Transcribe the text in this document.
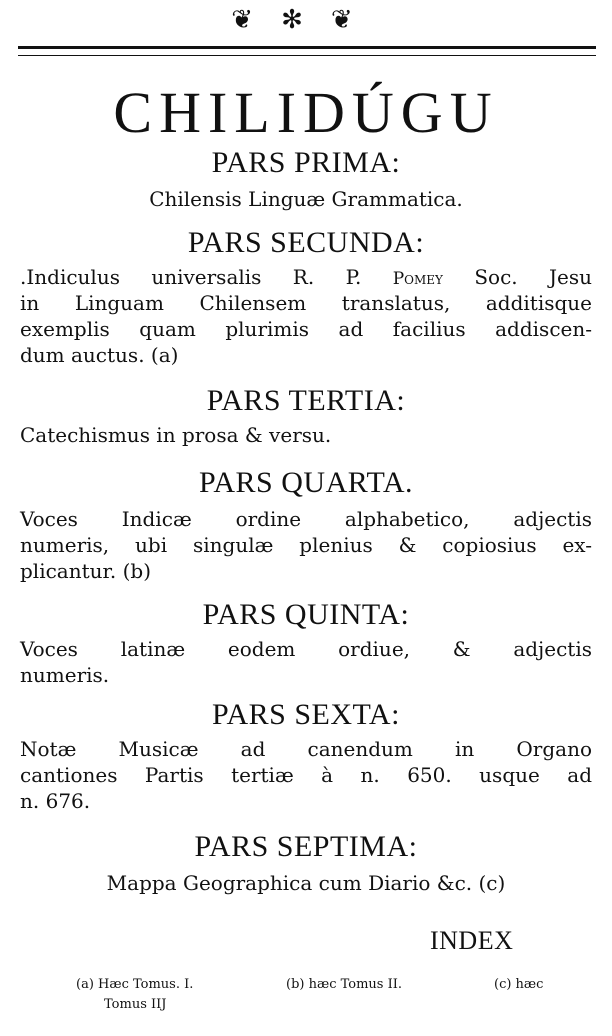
❦✻❦
CHILIDÚGU
PARS PRIMA:
Chilensis Linguæ Grammatica.
PARS SECUNDA:
.Indiculus universalis R. P. Pomey Soc. Jesu
in Linguam Chilensem translatus, additisque
exemplis quam plurimis ad facilius addiscen-
dum auctus. (a)
PARS TERTIA:
Catechismus in prosa & versu.
PARS QUARTA.
Voces Indicæ ordine alphabetico, adjectis
numeris, ubi singulæ plenius & copiosius ex-
plicantur. (b)
PARS QUINTA:
Voces latinæ eodem ordiue, & adjectis
numeris.
PARS SEXTA:
Notæ Musicæ ad canendum in Organo
cantiones Partis tertiæ à n. 650. usque ad
n. 676.
PARS SEPTIMA:
Mappa Geographica cum Diario &c. (c)
INDEX
(a) Hæc Tomus. I.	(b) hæc Tomus II.	(c) hæc
Tomus IIJ
